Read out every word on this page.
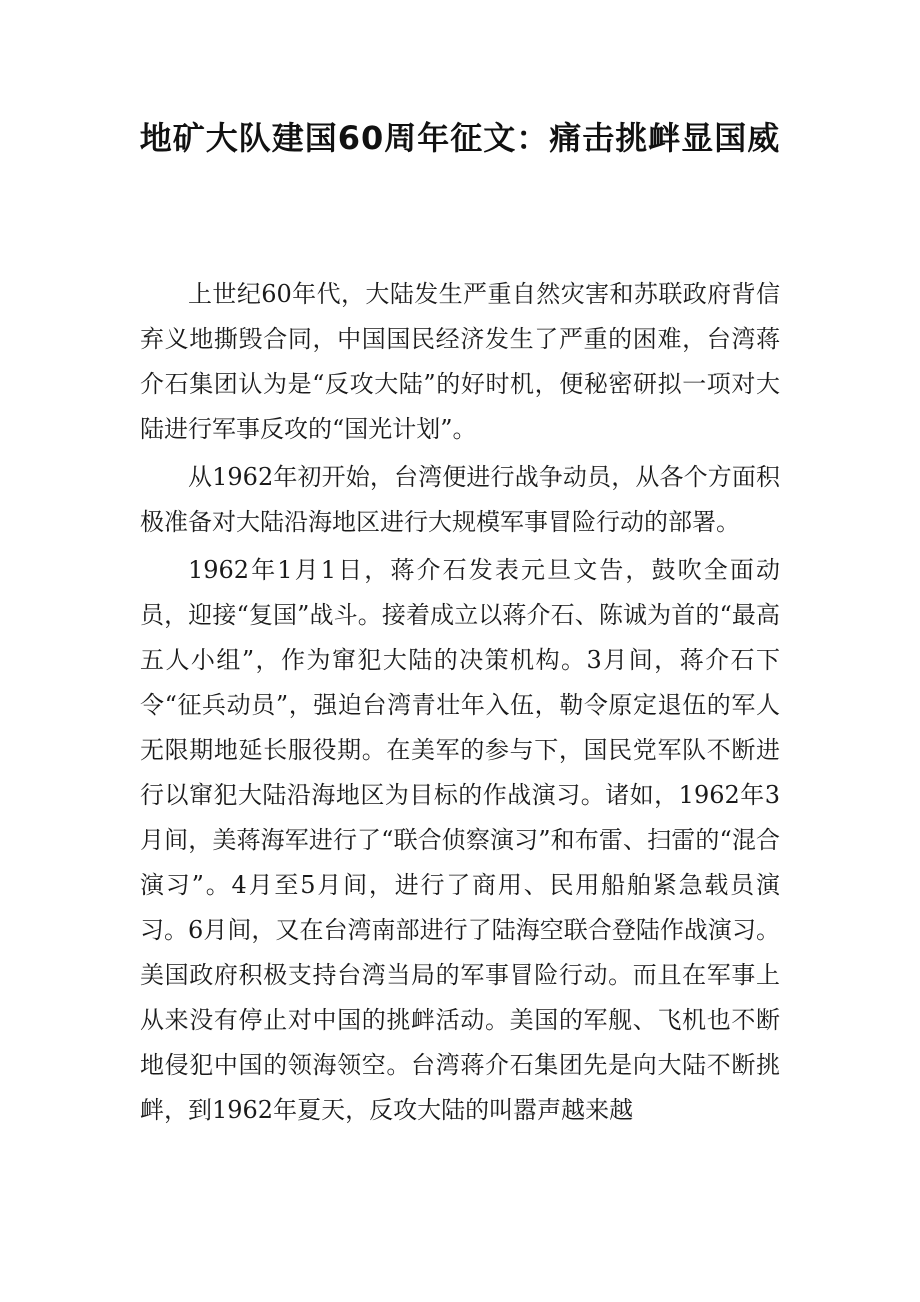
地矿大队建国60周年征文：痛击挑衅显国威

上世纪60年代，大陆发生严重自然灾害和苏联政府背信弃义地撕毁合同，中国国民经济发生了严重的困难，台湾蒋介石集团认为是“反攻大陆”的好时机，便秘密研拟一项对大陆进行军事反攻的“国光计划”。

从1962年初开始，台湾便进行战争动员，从各个方面积极准备对大陆沿海地区进行大规模军事冒险行动的部署。

1962年1月1日，蒋介石发表元旦文告，鼓吹全面动员，迎接“复国”战斗。接着成立以蒋介石、陈诚为首的“最高五人小组”，作为窜犯大陆的决策机构。3月间，蒋介石下令“征兵动员”，强迫台湾青壮年入伍，勒令原定退伍的军人无限期地延长服役期。在美军的参与下，国民党军队不断进行以窜犯大陆沿海地区为目标的作战演习。诸如，1962年3月间，美蒋海军进行了“联合侦察演习”和布雷、扫雷的“混合演习”。4月至5月间，进行了商用、民用船舶紧急载员演习。6月间，又在台湾南部进行了陆海空联合登陆作战演习。美国政府积极支持台湾当局的军事冒险行动。而且在军事上从来没有停止对中国的挑衅活动。美国的军舰、飞机也不断地侵犯中国的领海领空。台湾蒋介石集团先是向大陆不断挑衅，到1962年夏天，反攻大陆的叫嚣声越来越
